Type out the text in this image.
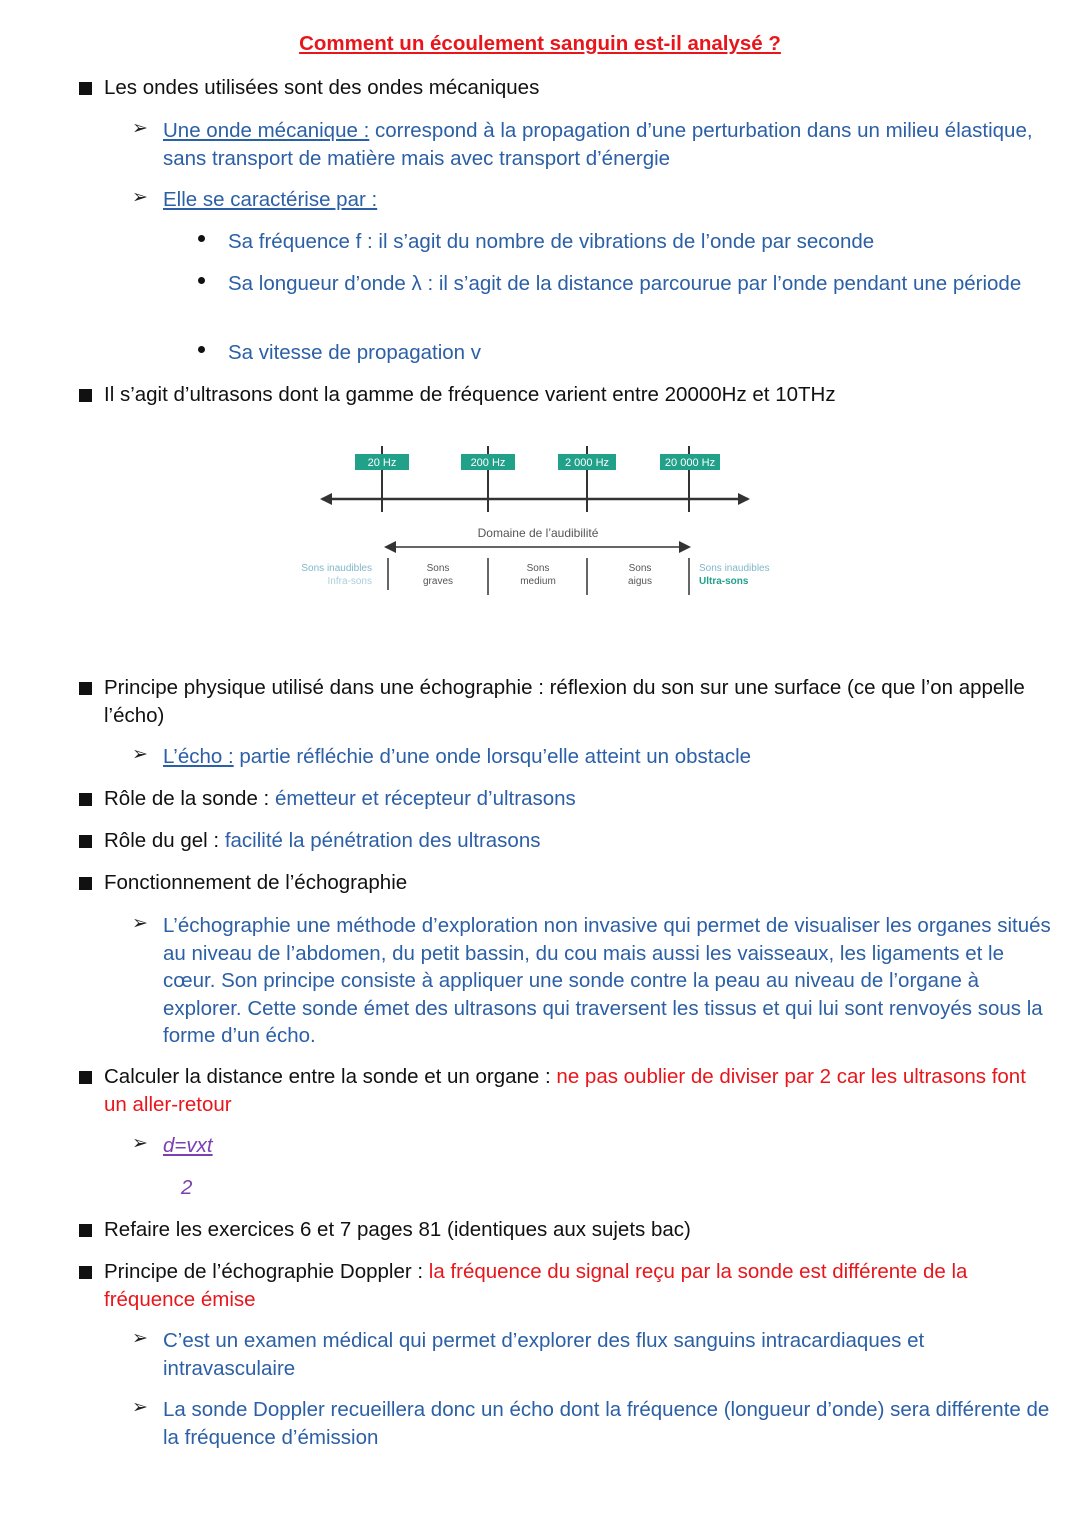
Comment un écoulement sanguin est-il analysé ?
Les ondes utilisées sont des ondes mécaniques
➢ Une onde mécanique : correspond à la propagation d’une perturbation dans un milieu élastique, sans transport de matière mais avec transport d’énergie
➢ Elle se caractérise par :
Sa fréquence f : il s’agit du nombre de vibrations de l’onde par seconde
Sa longueur d’onde λ : il s’agit de la distance parcourue par l’onde pendant une période
Sa vitesse de propagation v
Il s’agit d’ultrasons dont la gamme de fréquence varient entre 20000Hz et 10THz
20 Hz	200 Hz	2 000 Hz	20 000 Hz
Domaine de l’audibilité
Sons inaudibles
Infra-sons
Sons
graves
Sons
medium
Sons
aigus
Sons inaudibles
Ultra-sons
Principe physique utilisé dans une échographie : réflexion du son sur une surface (ce que l’on appelle l’écho)
➢ L’écho : partie réfléchie d’une onde lorsqu’elle atteint un obstacle
Rôle de la sonde : émetteur et récepteur d’ultrasons
Rôle du gel : facilité la pénétration des ultrasons
Fonctionnement de l’échographie
➢ L’échographie une méthode d’exploration non invasive qui permet de visualiser les organes situés au niveau de l’abdomen, du petit bassin, du cou mais aussi les vaisseaux, les ligaments et le cœur. Son principe consiste à appliquer une sonde contre la peau au niveau de l’organe à explorer. Cette sonde émet des ultrasons qui traversent les tissus et qui lui sont renvoyés sous la forme d’un écho.
Calculer la distance entre la sonde et un organe : ne pas oublier de diviser par 2 car les ultrasons font un aller-retour
➢ d=vxt
2
Refaire les exercices 6 et 7 pages 81 (identiques aux sujets bac)
Principe de l’échographie Doppler : la fréquence du signal reçu par la sonde est différente de la fréquence émise
➢ C’est un examen médical qui permet d’explorer des flux sanguins intracardiaques et intravasculaire
➢ La sonde Doppler recueillera donc un écho dont la fréquence (longueur d’onde) sera différente de la fréquence d’émission
